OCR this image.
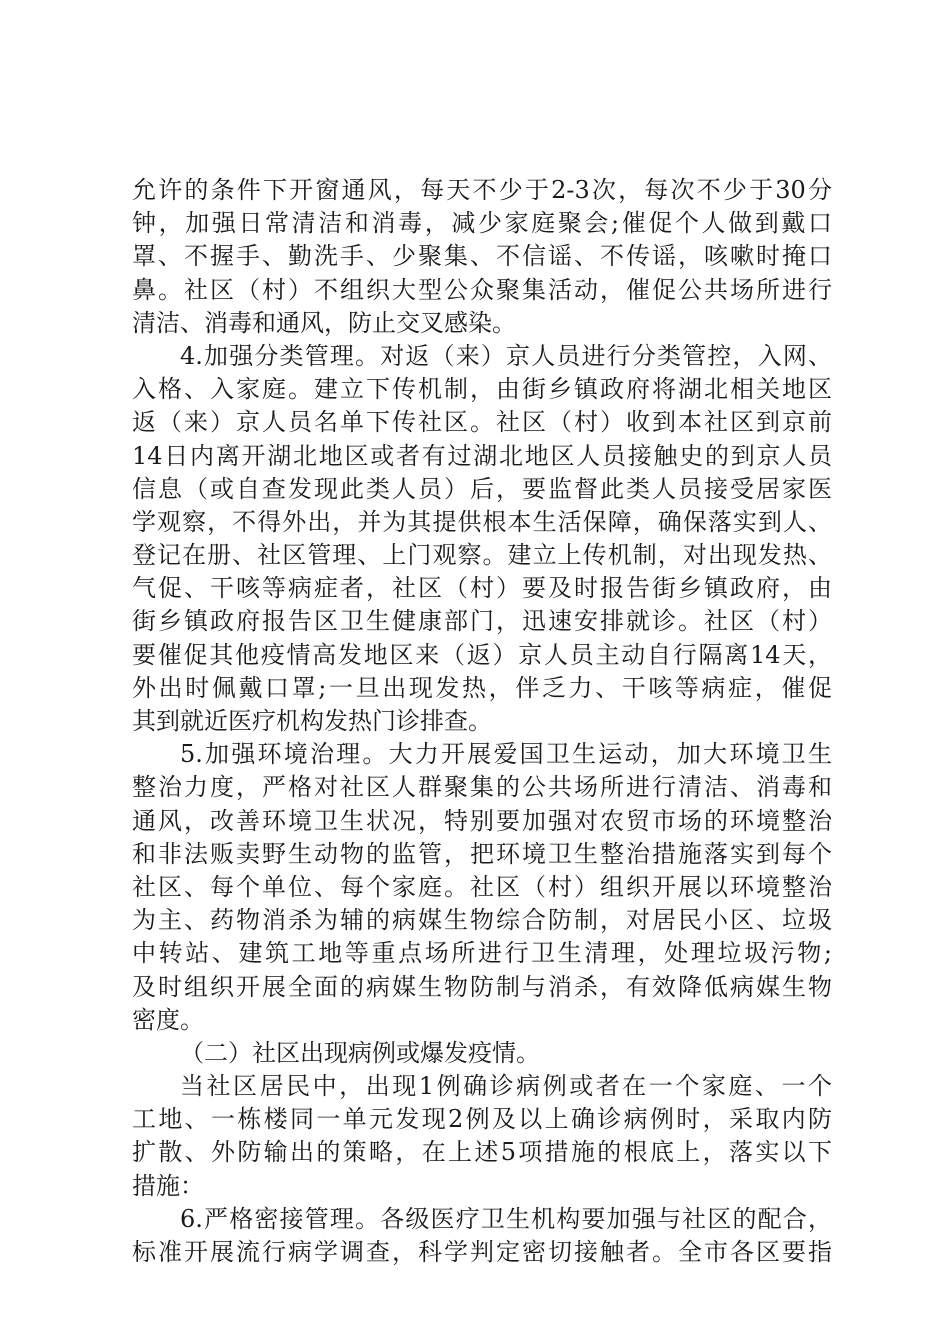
允许的条件下开窗通风，每天不少于2-3次，每次不少于30分
钟，加强日常清洁和消毒，减少家庭聚会;催促个人做到戴口
罩、不握手、勤洗手、少聚集、不信谣、不传谣，咳嗽时掩口
鼻。社区（村）不组织大型公众聚集活动，催促公共场所进行
清洁、消毒和通风，防止交叉感染。
4.加强分类管理。对返（来）京人员进行分类管控，入网、
入格、入家庭。建立下传机制，由街乡镇政府将湖北相关地区
返（来）京人员名单下传社区。社区（村）收到本社区到京前
14日内离开湖北地区或者有过湖北地区人员接触史的到京人员
信息（或自查发现此类人员）后，要监督此类人员接受居家医
学观察，不得外出，并为其提供根本生活保障，确保落实到人、
登记在册、社区管理、上门观察。建立上传机制，对出现发热、
气促、干咳等病症者，社区（村）要及时报告街乡镇政府，由
街乡镇政府报告区卫生健康部门，迅速安排就诊。社区（村）
要催促其他疫情高发地区来（返）京人员主动自行隔离14天，
外出时佩戴口罩;一旦出现发热，伴乏力、干咳等病症，催促
其到就近医疗机构发热门诊排查。
5.加强环境治理。大力开展爱国卫生运动，加大环境卫生
整治力度，严格对社区人群聚集的公共场所进行清洁、消毒和
通风，改善环境卫生状况，特别要加强对农贸市场的环境整治
和非法贩卖野生动物的监管，把环境卫生整治措施落实到每个
社区、每个单位、每个家庭。社区（村）组织开展以环境整治
为主、药物消杀为辅的病媒生物综合防制，对居民小区、垃圾
中转站、建筑工地等重点场所进行卫生清理，处理垃圾污物;
及时组织开展全面的病媒生物防制与消杀，有效降低病媒生物
密度。
（二）社区出现病例或爆发疫情。
当社区居民中，出现1例确诊病例或者在一个家庭、一个
工地、一栋楼同一单元发现2例及以上确诊病例时，采取内防
扩散、外防输出的策略，在上述5项措施的根底上，落实以下
措施：
6.严格密接管理。各级医疗卫生机构要加强与社区的配合，
标准开展流行病学调查，科学判定密切接触者。全市各区要指
